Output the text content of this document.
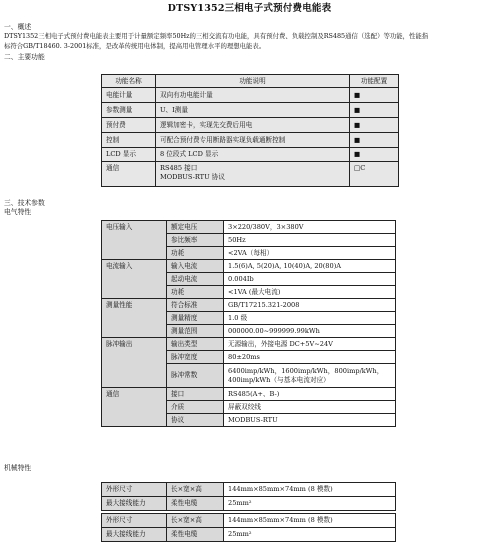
DTSY1352三相电子式预付费电能表
一、概述
DTSY1352三相电子式预付费电能表主要用于计量额定频率50Hz的三相交流有功电能，具有预付费、负载控制及RS485通信（选配）等功能，性能指
标符合GB/T18460. 3-2001标准，是改革传统用电体制，提高用电管理水平的理想电能表。
二、主要功能
功能名称	功能说明	功能配置
电能计量	双向有功电能计量	■
参数测量	U、I测量	■
预付费	逻辑加密卡，实现先交费后用电	■
控制	可配合预付费专用断路器实现负载通断控制	■
LCD 显示	8 位段式 LCD 显示	■
通信	RS485 接口
MODBUS-RTU 协议	□C
三、技术参数
电气特性
电压输入	额定电压	3×220/380V，3×380V
	参比频率	50Hz
	功耗	<2VA（每相）
电流输入	输入电流	1.5(6)A, 5(20)A, 10(40)A, 20(80)A
	起动电流	0.004Ib
	功耗	<1VA (最大电流)
测量性能	符合标准	GB/T17215.321-2008
	测量精度	1.0 级
	测量范围	000000.00~999999.99kWh
脉冲输出	输出类型	无源输出，外接电源 DC+5V~24V
	脉冲宽度	80±20ms
	脉冲常数	6400imp/kWh，1600imp/kWh，800imp/kWh，
400imp/kWh（与基本电流对应）

通信	接口	RS485(A+、B-)
	介质	屏蔽双绞线
	协议	MODBUS-RTU
机械特性
外形尺寸	长×宽×高	144mm×85mm×74mm (8 模数)
最大接线能力	柔性电缆	25mm²
外形尺寸	长×宽×高	144mm×85mm×74mm (8 模数)
最大接线能力	柔性电缆	25mm²
